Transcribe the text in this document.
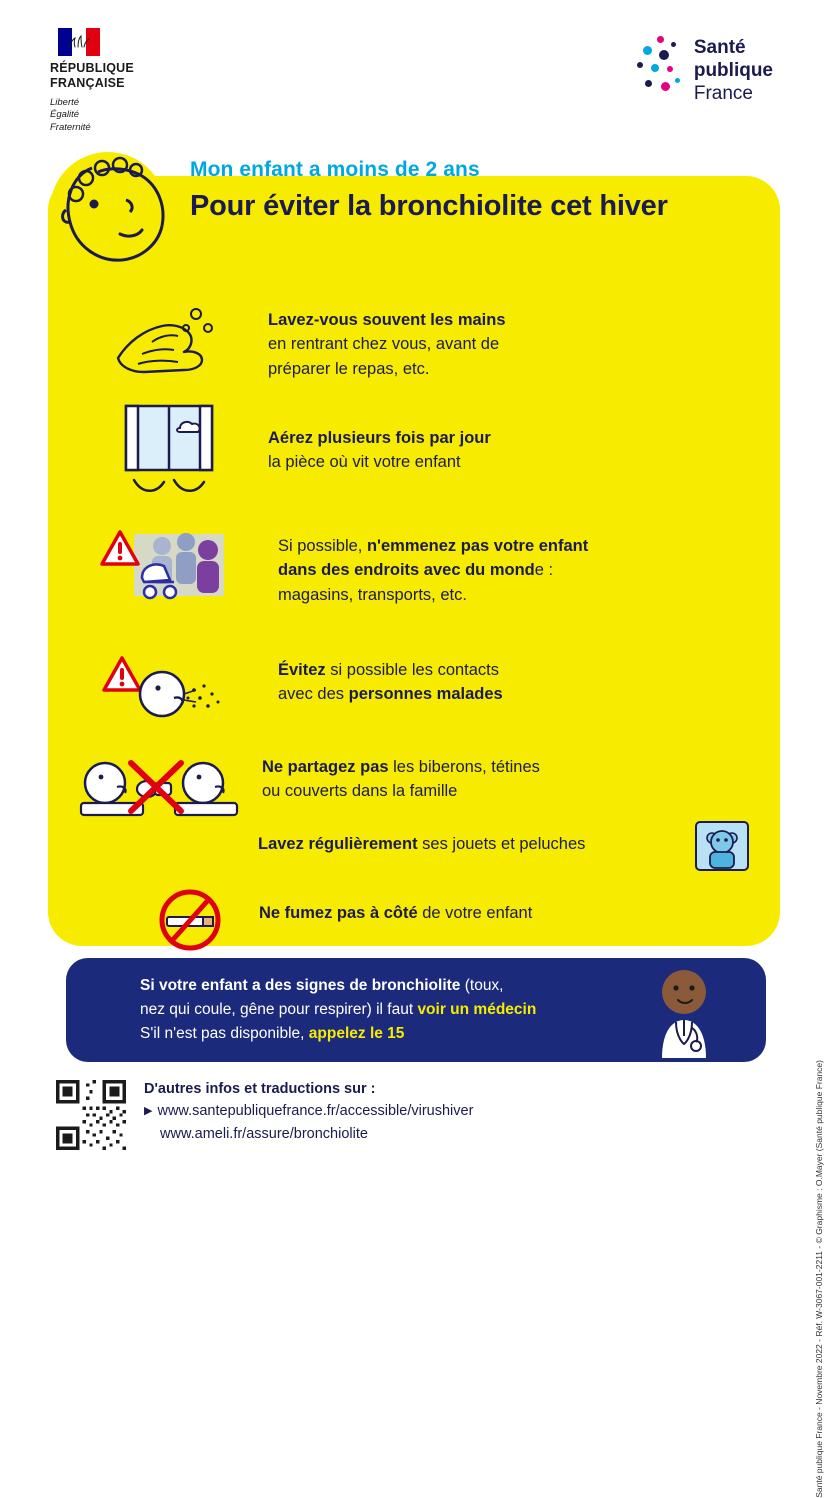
RÉPUBLIQUE
FRANÇAISE
Liberté
Égalité
Fraternité
Santé
publique
France
Mon enfant a moins de 2 ans
Pour éviter la bronchiolite cet hiver
Lavez-vous souvent les mains
en rentrant chez vous, avant de
préparer le repas, etc.
Aérez plusieurs fois par jour
la pièce où vit votre enfant
Si possible, n'emmenez pas votre enfant
dans des endroits avec du monde :
magasins, transports, etc.
Évitez si possible les contacts
avec des personnes malades
Ne partagez pas les biberons, tétines
ou couverts dans la famille
Lavez régulièrement ses jouets et peluches
Ne fumez pas à côté de votre enfant
Si votre enfant a des signes de bronchiolite (toux,
nez qui coule, gêne pour respirer) il faut voir un médecin
S'il n'est pas disponible, appelez le 15
D'autres infos et traductions sur :
▶ www.santepubliquefrance.fr/accessible/virushiver
www.ameli.fr/assure/bronchiolite	Santé publique France - Novembre 2022 - Réf. W-3067-001-2211 - © Graphisme : O.Mayer (Santé publique France)
